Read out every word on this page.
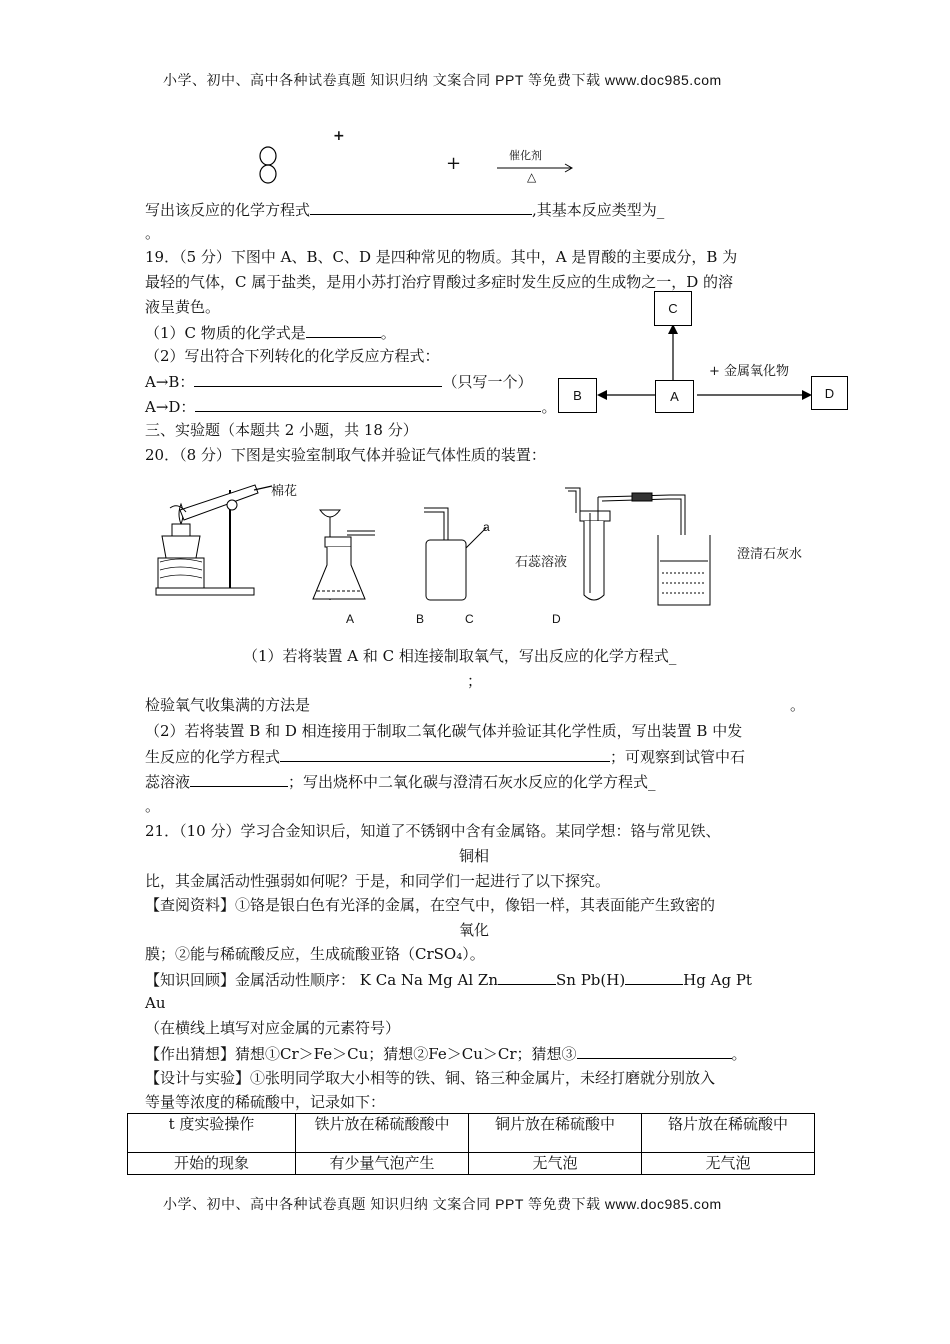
小学、初中、高中各种试卷真题 知识归纳 文案合同 PPT 等免费下载 www.doc985.com
+
+	催化剂
△
写出该反应的化学方程式	,其基本反应类型为_
。
19．（5 分）下图中 A、B、C、D 是四种常见的物质。其中，A 是胃酸的主要成分，B 为
最轻的气体，C 属于盐类，是用小苏打治疗胃酸过多症时发生反应的生成物之一，D 的溶
液呈黄色。
（1）C 物质的化学式是	。
（2）写出符合下列转化的化学反应方程式：
A→B：	（只写一个）
A→D：	。
C
B	A	D
+ 金属氧化物
三、实验题（本题共 2 小题，共 18 分）
20．（8 分）下图是实验室制取气体并验证气体性质的装置：
棉花
A
a
B	C
石蕊溶液
澄清石灰水
D
（1）若将装置 A 和 C 相连接制取氧气，写出反应的化学方程式_
；
检验氧气收集满的方法是	。
（2）若将装置 B 和 D 相连接用于制取二氧化碳气体并验证其化学性质，写出装置 B 中发
生反应的化学方程式	；可观察到试管中石
蕊溶液	；写出烧杯中二氧化碳与澄清石灰水反应的化学方程式_
。
21．（10 分）学习合金知识后，知道了不锈钢中含有金属铬。某同学想：铬与常见铁、
铜相
比，其金属活动性强弱如何呢？于是，和同学们一起进行了以下探究。
【查阅资料】①铬是银白色有光泽的金属，在空气中，像铝一样，其表面能产生致密的
氧化
膜；②能与稀硫酸反应，生成硫酸亚铬（CrSO₄）。
【知识回顾】金属活动性顺序： K Ca Na Mg Al Zn	Sn Pb(H)	Hg Ag Pt
Au
（在横线上填写对应金属的元素符号）
【作出猜想】猜想①Cr＞Fe＞Cu；猜想②Fe＞Cu＞Cr；猜想③	。
【设计与实验】①张明同学取大小相等的铁、铜、铬三种金属片，未经打磨就分别放入
等量等浓度的稀硫酸中，记录如下：
t 度实验操作	铁片放在稀硫酸酸中	铜片放在稀硫酸中	铬片放在稀硫酸中
开始的现象	有少量气泡产生	无气泡	无气泡
小学、初中、高中各种试卷真题 知识归纳 文案合同 PPT 等免费下载 www.doc985.com
